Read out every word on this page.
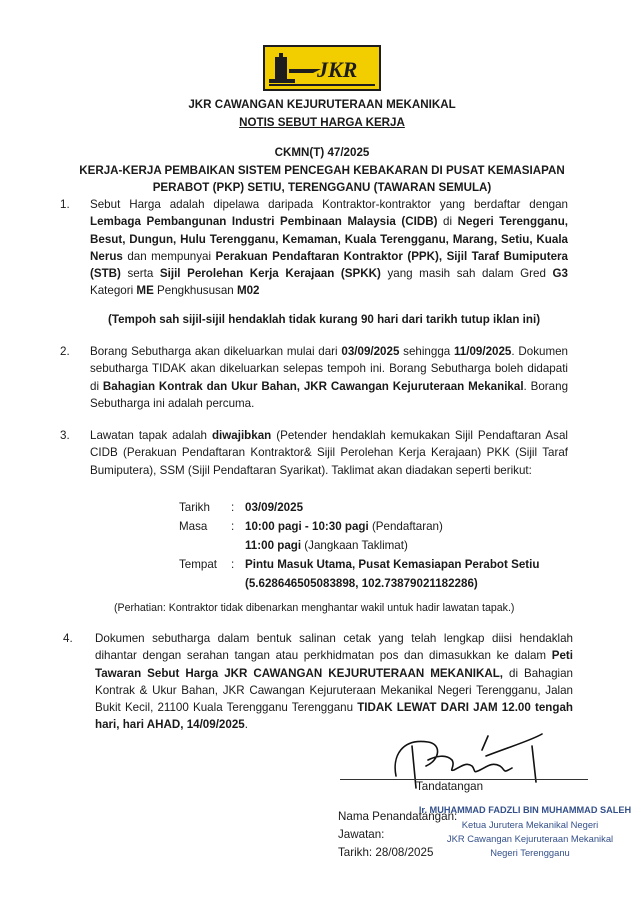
JKR
JKR CAWANGAN KEJURUTERAAN MEKANIKAL
NOTIS SEBUT HARGA KERJA
CKMN(T) 47/2025
KERJA-KERJA PEMBAIKAN SISTEM PENCEGAH KEBAKARAN DI PUSAT KEMASIAPAN
PERABOT (PKP) SETIU, TERENGGANU (TAWARAN SEMULA)
1. Sebut Harga adalah dipelawa daripada Kontraktor-kontraktor yang berdaftar dengan Lembaga Pembangunan Industri Pembinaan Malaysia (CIDB) di Negeri Terengganu, Besut, Dungun, Hulu Terengganu, Kemaman, Kuala Terengganu, Marang, Setiu, Kuala Nerus dan mempunyai Perakuan Pendaftaran Kontraktor (PPK), Sijil Taraf Bumiputera (STB) serta Sijil Perolehan Kerja Kerajaan (SPKK) yang masih sah dalam Gred G3 Kategori ME Pengkhususan M02

(Tempoh sah sijil-sijil hendaklah tidak kurang 90 hari dari tarikh tutup iklan ini)
2. Borang Sebutharga akan dikeluarkan mulai dari 03/09/2025 sehingga 11/09/2025. Dokumen sebutharga TIDAK akan dikeluarkan selepas tempoh ini. Borang Sebutharga boleh didapati di Bahagian Kontrak dan Ukur Bahan, JKR Cawangan Kejuruteraan Mekanikal. Borang Sebutharga ini adalah percuma.

3. Lawatan tapak adalah diwajibkan (Petender hendaklah kemukakan Sijil Pendaftaran Asal CIDB (Perakuan Pendaftaran Kontraktor& Sijil Perolehan Kerja Kerajaan) PKK (Sijil Taraf Bumiputera), SSM (Sijil Pendaftaran Syarikat). Taklimat akan diadakan seperti berikut:

Tarikh : 03/09/2025
Masa : 10:00 pagi - 10:30 pagi (Pendaftaran)
11:00 pagi (Jangkaan Taklimat)
Tempat : Pintu Masuk Utama, Pusat Kemasiapan Perabot Setiu
(5.628646505083898, 102.73879021182286)
(Perhatian: Kontraktor tidak dibenarkan menghantar wakil untuk hadir lawatan tapak.)
4. Dokumen sebutharga dalam bentuk salinan cetak yang telah lengkap diisi hendaklah dihantar dengan serahan tangan atau perkhidmatan pos dan dimasukkan ke dalam Peti Tawaran Sebut Harga JKR CAWANGAN KEJURUTERAAN MEKANIKAL, di Bahagian Kontrak & Ukur Bahan, JKR Cawangan Kejuruteraan Mekanikal Negeri Terengganu, Jalan Bukit Kecil, 21100 Kuala Terengganu Terengganu TIDAK LEWAT DARI JAM 12.00 tengah hari, hari AHAD, 14/09/2025.

Tandatangan
Nama Penandatangan:
Jawatan:
Tarikh: 28/08/2025
Ir. MUHAMMAD FADZLI BIN MUHAMMAD SALEH
Ketua Jurutera Mekanikal Negeri
JKR Cawangan Kejuruteraan Mekanikal
Negeri Terengganu
